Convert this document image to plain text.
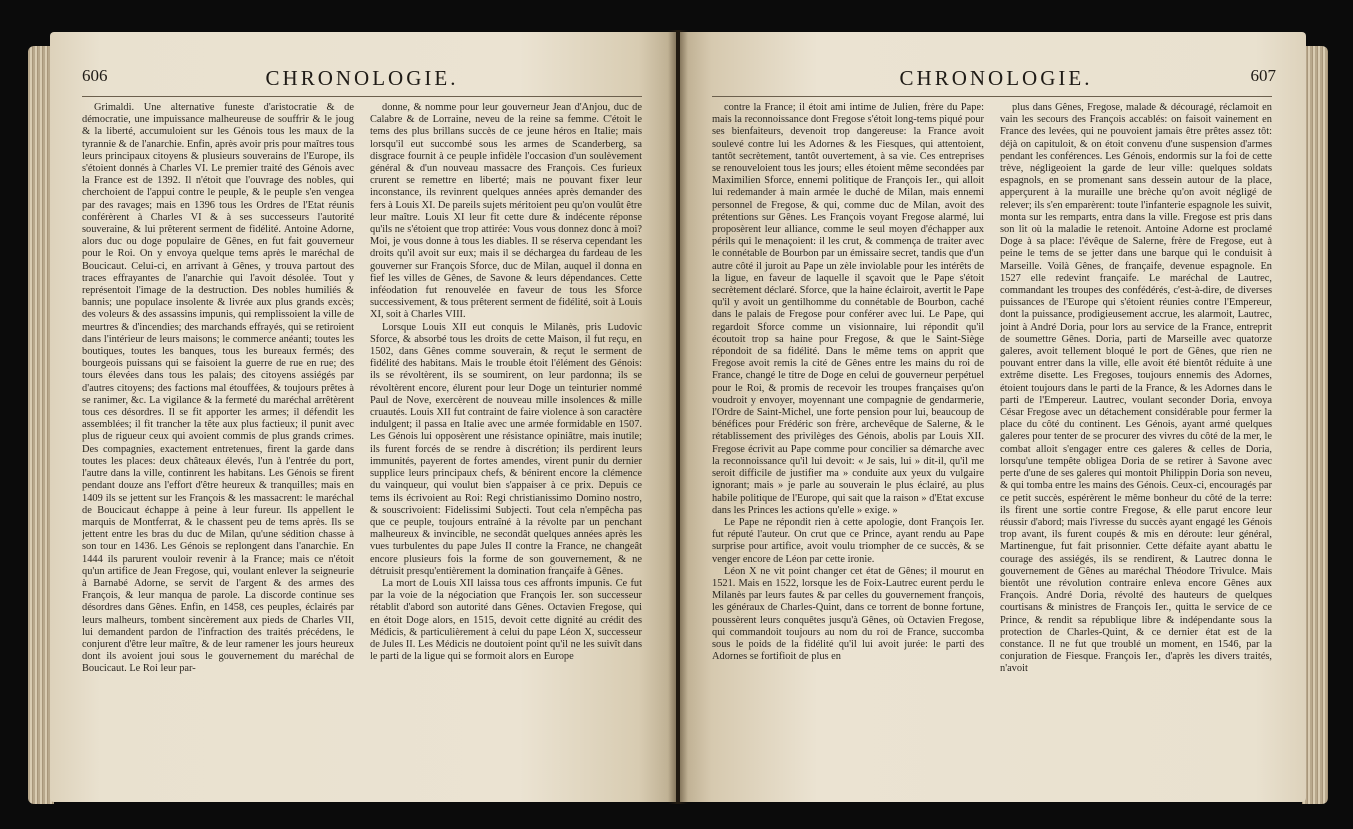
606	CHRONOLOGIE.

Grimaldi. Une alternative funeste d'aristocratie & de démocratie, une impuissance malheureuse de souffrir & le joug & la liberté, accumuloient sur les Génois tous les maux de la tyrannie & de l'anarchie. Enfin, après avoir pris pour maîtres tous leurs principaux citoyens & plusieurs souverains de l'Europe, ils s'étoient donnés à Charles VI. Le premier traité des Génois avec la France est de 1392. Il n'étoit que l'ouvrage des nobles, qui cherchoient de l'appui contre le peuple, & le peuple s'en vengea par des ravages; mais en 1396 tous les Ordres de l'Etat réunis conférèrent à Charles VI & à ses successeurs l'autorité souveraine, & lui prêterent serment de fidélité. Antoine Adorne, alors duc ou doge populaire de Gênes, en fut fait gouverneur pour le Roi. On y envoya quelque tems après le maréchal de Boucicaut. Celui-ci, en arrivant à Gênes, y trouva partout des traces effrayantes de l'anarchie qui l'avoit désolée. Tout y représentoit l'image de la destruction. Des nobles humiliés & bannis; une populace insolente & livrée aux plus grands excès; des voleurs & des assassins impunis, qui remplissoient la ville de meurtres & d'incendies; des marchands effrayés, qui se retiroient dans l'intérieur de leurs maisons; le commerce anéanti; toutes les boutiques, toutes les banques, tous les bureaux fermés; des bourgeois puissans qui se faisoient la guerre de rue en rue; des tours élevées dans tous les palais; des citoyens assiégés par d'autres citoyens; des factions mal étouffées, & toujours prêtes à se ranimer, &c. La vigilance & la fermeté du maréchal arrêtèrent tous ces désordres. Il se fit apporter les armes; il défendit les assemblées; il fit trancher la tête aux plus factieux; il punit avec plus de rigueur ceux qui avoient commis de plus grands crimes. Des compagnies, exactement entretenues, firent la garde dans toutes les places: deux châteaux élevés, l'un à l'entrée du port, l'autre dans la ville, continrent les habitans. Les Génois se firent pendant douze ans l'effort d'être heureux & tranquilles; mais en 1409 ils se jettent sur les François & les massacrent: le maréchal de Boucicaut échappe à peine à leur fureur. Ils appellent le marquis de Montferrat, & le chassent peu de tems après. Ils se jettent entre les bras du duc de Milan, qu'une sédition chasse à son tour en 1436. Les Génois se replongent dans l'anarchie. En 1444 ils parurent vouloir revenir à la France; mais ce n'étoit qu'un artifice de Jean Fregose, qui, voulant enlever la seigneurie à Barnabé Adorne, se servit de l'argent & des armes des François, & leur manqua de parole. La discorde continue ses désordres dans Gênes. Enfin, en 1458, ces peuples, éclairés par leurs malheurs, tombent sincèrement aux pieds de Charles VII, lui demandent pardon de l'infraction des traités précédens, le conjurent d'être leur maître, & de leur ramener les jours heureux dont ils avoient joui sous le gouvernement du maréchal de Boucicaut. Le Roi leur par-

donne, & nomme pour leur gouverneur Jean d'Anjou, duc de Calabre & de Lorraine, neveu de la reine sa femme. C'étoit le tems des plus brillans succès de ce jeune héros en Italie; mais lorsqu'il eut succombé sous les armes de Scanderberg, sa disgrace fournit à ce peuple infidèle l'occasion d'un soulèvement général & d'un nouveau massacre des François. Ces furieux crurent se remettre en liberté; mais ne pouvant fixer leur inconstance, ils revinrent quelques années après demander des fers à Louis XI. De pareils sujets méritoient peu qu'on voulût être leur maître. Louis XI leur fit cette dure & indécente réponse qu'ils ne s'étoient que trop attirée: Vous vous donnez donc à moi? Moi, je vous donne à tous les diables. Il se réserva cependant les droits qu'il avoit sur eux; mais il se déchargea du fardeau de les gouverner sur François Sforce, duc de Milan, auquel il donna en fief les villes de Gênes, de Savone & leurs dépendances. Cette inféodation fut renouvelée en faveur de tous les Sforce successivement, & tous prêterent serment de fidélité, soit à Louis XI, soit à Charles VIII.

Lorsque Louis XII eut conquis le Milanès, pris Ludovic Sforce, & absorbé tous les droits de cette Maison, il fut reçu, en 1502, dans Gênes comme souverain, & reçut le serment de fidélité des habitans. Mais le trouble étoit l'élément des Génois: ils se révoltèrent, ils se soumirent, on leur pardonna; ils se révoltèrent encore, élurent pour leur Doge un teinturier nommé Paul de Nove, exercèrent de nouveau mille insolences & mille cruautés. Louis XII fut contraint de faire violence à son caractère indulgent; il passa en Italie avec une armée formidable en 1507. Les Génois lui opposèrent une résistance opiniâtre, mais inutile; ils furent forcés de se rendre à discrétion; ils perdirent leurs immunités, payerent de fortes amendes, virent punir du dernier supplice leurs principaux chefs, & bénirent encore la clémence du vainqueur, qui voulut bien s'appaiser à ce prix. Depuis ce tems ils écrivoient au Roi: Regi christianissimo Domino nostro, & souscrivoient: Fidelissimi Subjecti. Tout cela n'empêcha pas que ce peuple, toujours entraîné à la révolte par un penchant malheureux & invincible, ne secondât quelques années après les vues turbulentes du pape Jules II contre la France, ne changeât encore plusieurs fois la forme de son gouvernement, & ne détruisit presqu'entièrement la domination françaife à Gênes.

La mort de Louis XII laissa tous ces affronts impunis. Ce fut par la voie de la négociation que François Ier. son successeur rétablit d'abord son autorité dans Gênes. Octavien Fregose, qui en étoit Doge alors, en 1515, devoit cette dignité au crédit des Médicis, & particulièrement à celui du pape Léon X, successeur de Jules II. Les Médicis ne doutoient point qu'il ne les suivît dans le parti de la ligue qui se formoit alors en Europe

CHRONOLOGIE.	607

contre la France; il étoit ami intime de Julien, frère du Pape: mais la reconnoissance dont Fregose s'étoit long-tems piqué pour ses bienfaiteurs, devenoit trop dangereuse: la France avoit soulevé contre lui les Adornes & les Fiesques, qui attentoient, tantôt secrètement, tantôt ouvertement, à sa vie. Ces entreprises se renouveloient tous les jours; elles étoient même secondées par Maximilien Sforce, ennemi politique de François Ier., qui alloit lui redemander à main armée le duché de Milan, mais ennemi personnel de Fregose, & qui, comme duc de Milan, avoit des prétentions sur Gênes. Les François voyant Fregose alarmé, lui proposèrent leur alliance, comme le seul moyen d'échapper aux périls qui le menaçoient: il les crut, & commença de traiter avec le connétable de Bourbon par un émissaire secret, tandis que d'un autre côté il juroit au Pape un zèle inviolable pour les intérêts de la ligue, en faveur de laquelle il sçavoit que le Pape s'étoit secrètement déclaré. Sforce, que la haine éclairoit, avertit le Pape qu'il y avoit un gentilhomme du connétable de Bourbon, caché dans le palais de Fregose pour conférer avec lui. Le Pape, qui regardoit Sforce comme un visionnaire, lui répondit qu'il écoutoit trop sa haine pour Fregose, & que le Saint-Siège répondoit de sa fidélité. Dans le même tems on apprit que Fregose avoit remis la cité de Gênes entre les mains du roi de France, changé le titre de Doge en celui de gouverneur perpétuel pour le Roi, & promis de recevoir les troupes françaises qu'on voudroit y envoyer, moyennant une compagnie de gendarmerie, l'Ordre de Saint-Michel, une forte pension pour lui, beaucoup de bénéfices pour Frédéric son frère, archevêque de Salerne, & le rétablissement des privilèges des Génois, abolis par Louis XII. Fregose écrivit au Pape comme pour concilier sa démarche avec la reconnoissance qu'il lui devoit: « Je sais, lui » dit-il, qu'il me seroit difficile de justifier ma » conduite aux yeux du vulgaire ignorant; mais » je parle au souverain le plus éclairé, au plus habile politique de l'Europe, qui sait que la raison » d'Etat excuse dans les Princes les actions qu'elle » exige. »

Le Pape ne répondit rien à cette apologie, dont François Ier. fut réputé l'auteur. On crut que ce Prince, ayant rendu au Pape surprise pour artifice, avoit voulu triompher de ce succès, & se venger encore de Léon par cette ironie.

Léon X ne vit point changer cet état de Gênes; il mourut en 1521. Mais en 1522, lorsque les de Foix-Lautrec eurent perdu le Milanès par leurs fautes & par celles du gouvernement françois, les généraux de Charles-Quint, dans ce torrent de bonne fortune, poussèrent leurs conquêtes jusqu'à Gênes, où Octavien Fregose, qui commandoit toujours au nom du roi de France, succomba sous le poids de la fidélité qu'il lui avoit jurée: le parti des Adornes se fortifioit de plus en

plus dans Gênes, Fregose, malade & découragé, réclamoit en vain les secours des François accablés: on faisoit vainement en France des levées, qui ne pouvoient jamais être prêtes assez tôt: déjà on capituloit, & on étoit convenu d'une suspension d'armes pendant les conférences. Les Génois, endormis sur la foi de cette trève, négligeoient la garde de leur ville: quelques soldats espagnols, en se promenant sans dessein autour de la place, apperçurent à la muraille une brèche qu'on avoit négligé de relever; ils s'en emparèrent: toute l'infanterie espagnole les suivit, monta sur les remparts, entra dans la ville. Fregose est pris dans son lit où la maladie le retenoit. Antoine Adorne est proclamé Doge à sa place: l'évêque de Salerne, frère de Fregose, eut à peine le tems de se jetter dans une barque qui le conduisit à Marseille. Voilà Gênes, de françaife, devenue espagnole. En 1527 elle redevint françaife. Le maréchal de Lautrec, commandant les troupes des confédérés, c'est-à-dire, de diverses puissances de l'Europe qui s'étoient réunies contre l'Empereur, dont la puissance, prodigieusement accrue, les alarmoit, Lautrec, joint à André Doria, pour lors au service de la France, entreprit de soumettre Gênes. Doria, parti de Marseille avec quatorze galeres, avoit tellement bloqué le port de Gênes, que rien ne pouvant entrer dans la ville, elle avoit été bientôt réduite à une extrême disette. Les Fregoses, toujours ennemis des Adornes, étoient toujours dans le parti de la France, & les Adornes dans le parti de l'Empereur. Lautrec, voulant seconder Doria, envoya César Fregose avec un détachement considérable pour fermer la place du côté du continent. Les Génois, ayant armé quelques galeres pour tenter de se procurer des vivres du côté de la mer, le combat alloit s'engager entre ces galeres & celles de Doria, lorsqu'une tempête obligea Doria de se retirer à Savone avec perte d'une de ses galeres qui montoit Philippin Doria son neveu, & qui tomba entre les mains des Génois. Ceux-ci, encouragés par ce petit succès, espérèrent le même bonheur du côté de la terre: ils firent une sortie contre Fregose, & elle parut encore leur réussir d'abord; mais l'ivresse du succès ayant engagé les Génois trop avant, ils furent coupés & mis en déroute: leur général, Martinengue, fut fait prisonnier. Cette défaite ayant abattu le courage des assiégés, ils se rendirent, & Lautrec donna le gouvernement de Gênes au maréchal Théodore Trivulce. Mais bientôt une révolution contraire enleva encore Gênes aux François. André Doria, révolté des hauteurs de quelques courtisans & ministres de François Ier., quitta le service de ce Prince, & rendit sa république libre & indépendante sous la protection de Charles-Quint, & ce dernier état est de la constance. Il ne fut que troublé un moment, en 1546, par la conjuration de Fiesque. François Ier., d'après les divers traités, n'avoit
